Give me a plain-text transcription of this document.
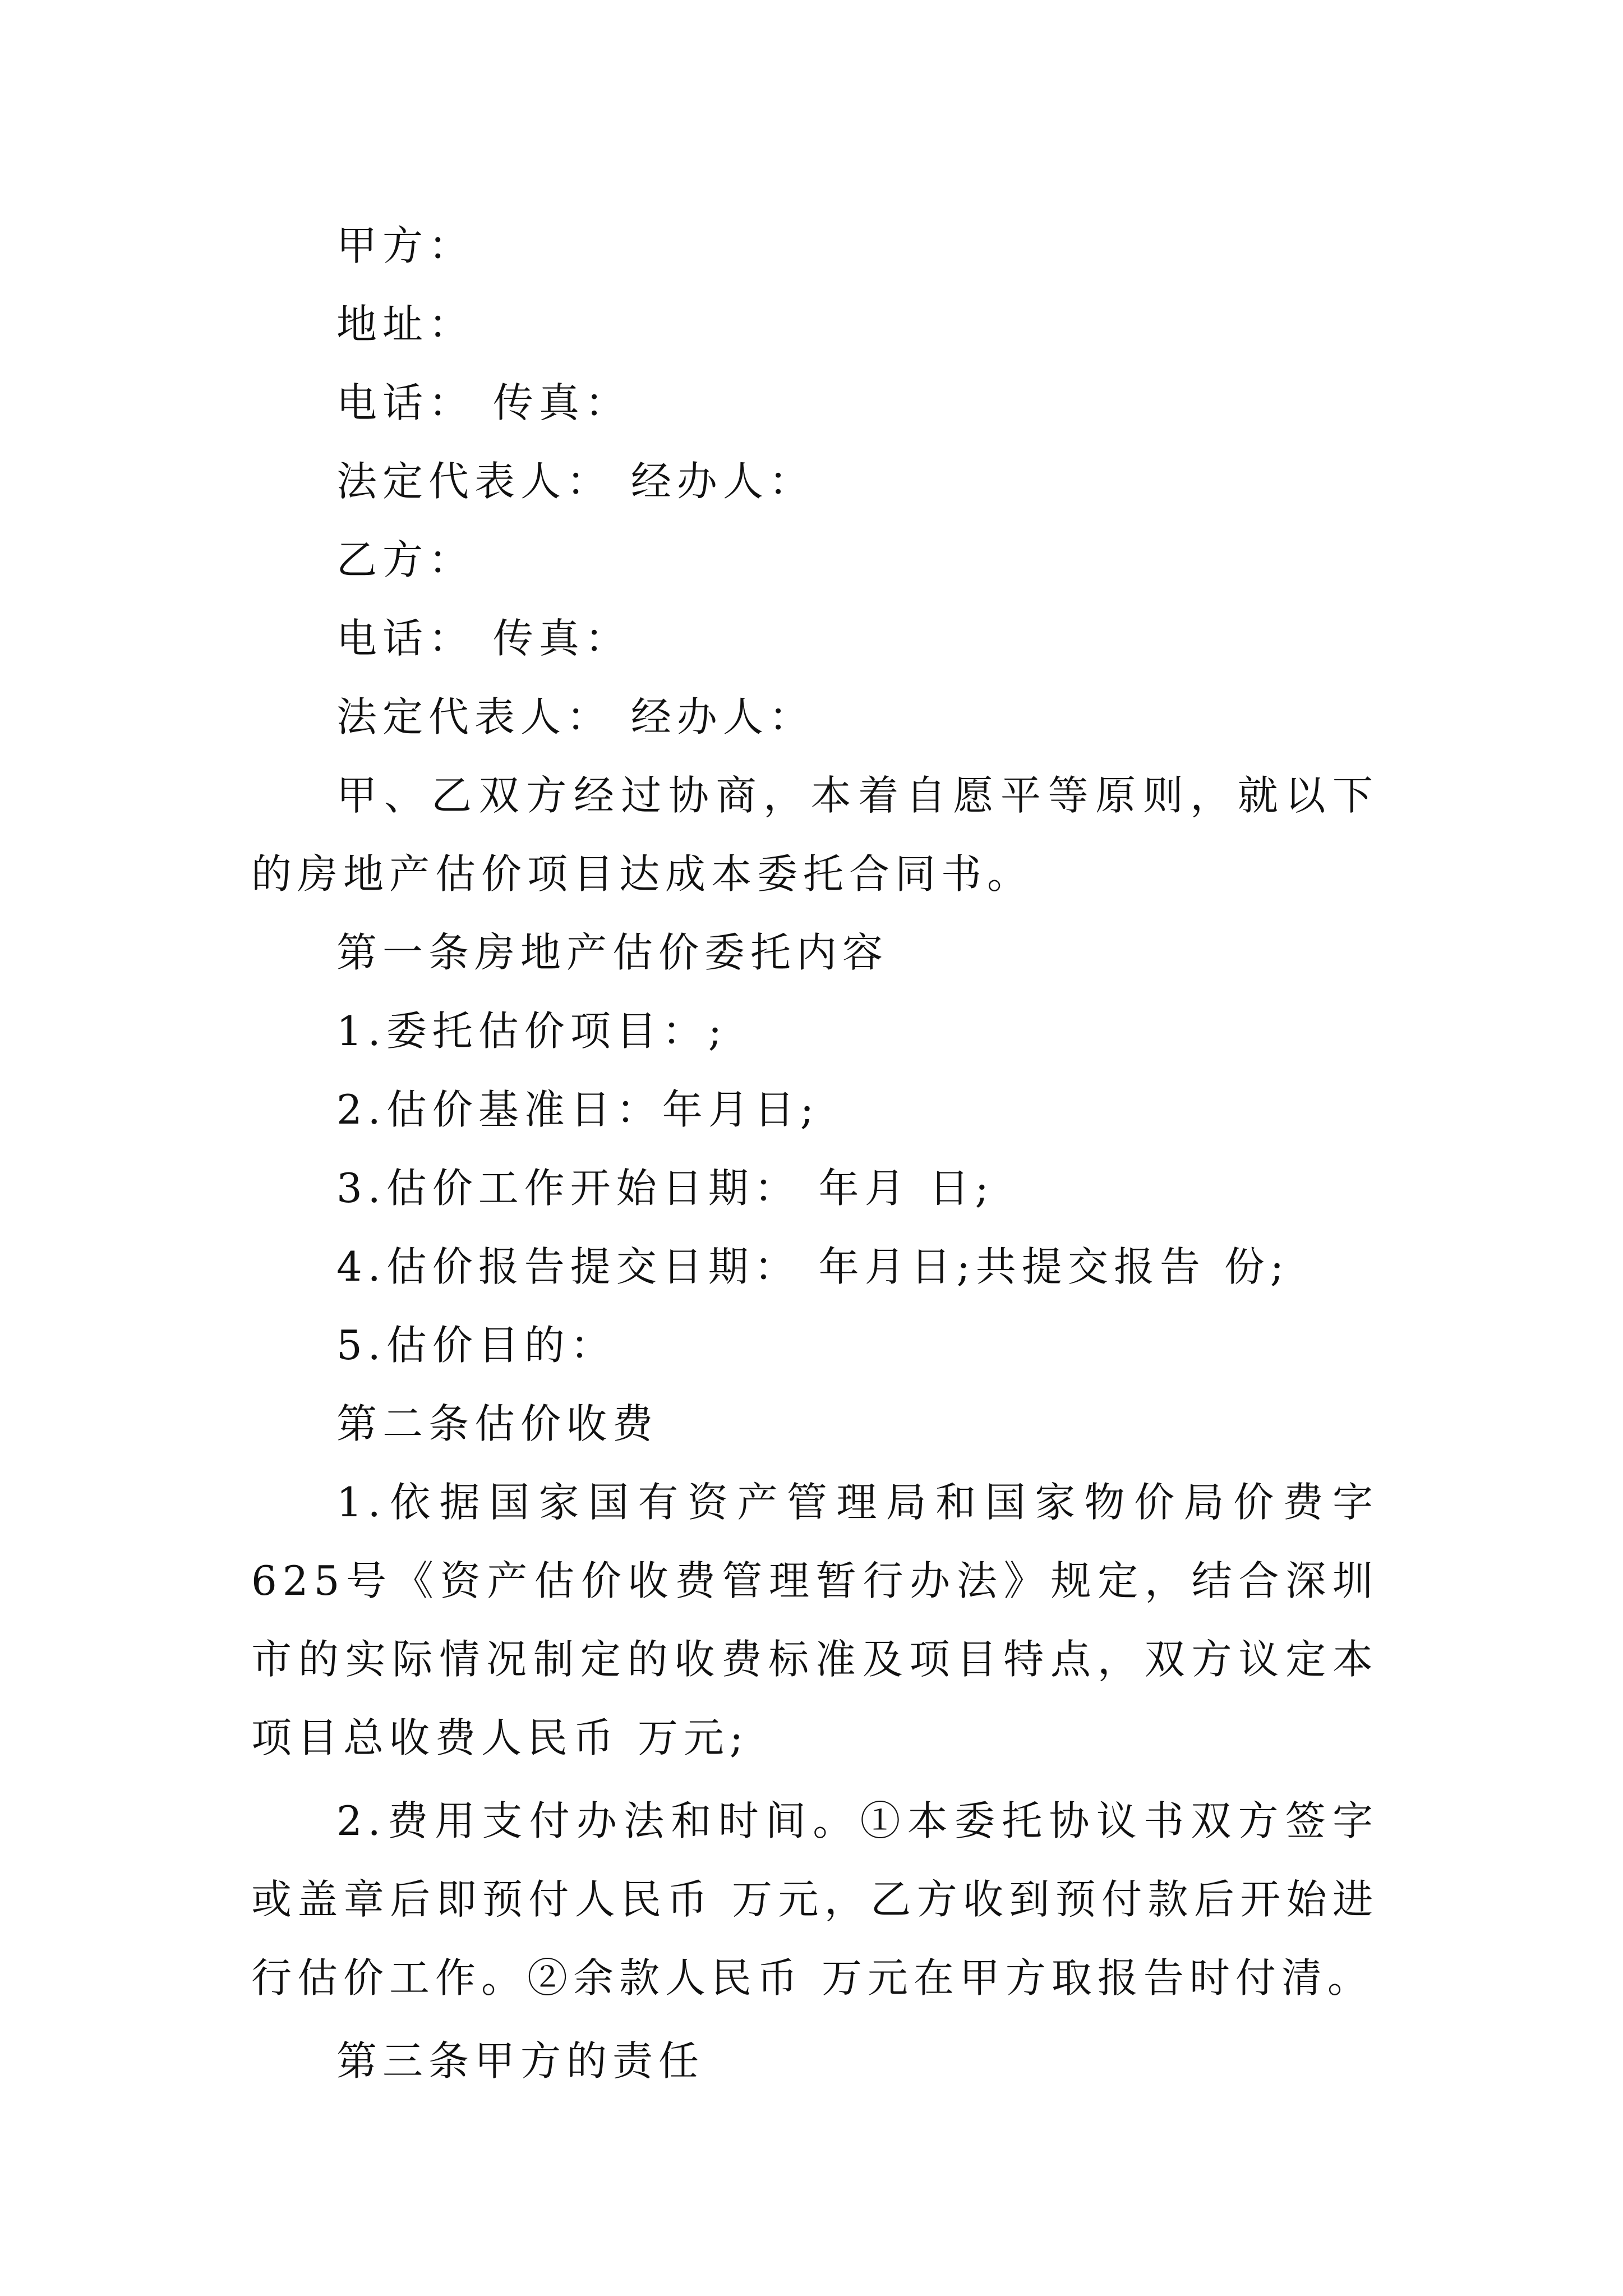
甲方：
地址：
电话： 传真：
法定代表人： 经办人：
乙方：
电话： 传真：
法定代表人： 经办人：

甲、乙双方经过协商，本着自愿平等原则，就以下的房地产估价项目达成本委托合同书。

第一条房地产估价委托内容
1.委托估价项目：;
2.估价基准日：年月日;
3.估价工作开始日期： 年月 日;
4.估价报告提交日期： 年月日;共提交报告 份;
5.估价目的：
第二条估价收费

1.依据国家国有资产管理局和国家物价局价费字625号《资产估价收费管理暂行办法》规定，结合深圳市的实际情况制定的收费标准及项目特点，双方议定本项目总收费人民币 万元;

2.费用支付办法和时间。①本委托协议书双方签字或盖章后即预付人民币 万元，乙方收到预付款后开始进行估价工作。②余款人民币 万元在甲方取报告时付清。

第三条甲方的责任
